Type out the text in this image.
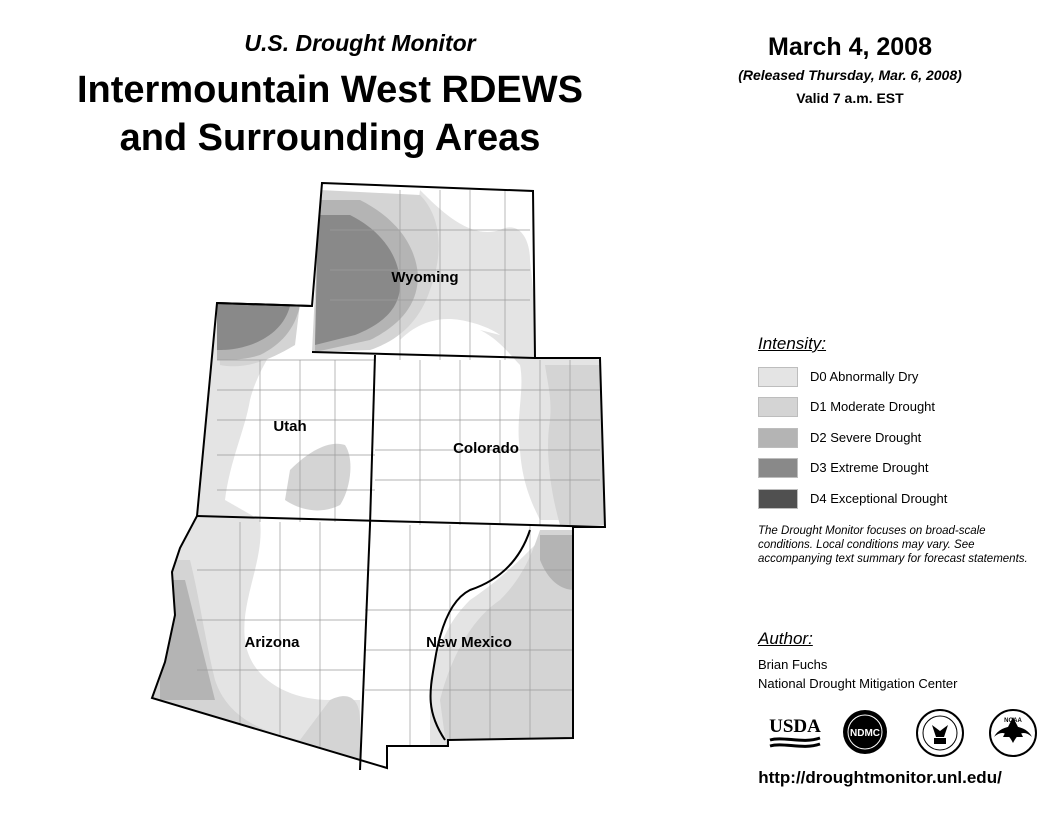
U.S. Drought Monitor
Intermountain West RDEWS
and Surrounding Areas
March 4, 2008
(Released Thursday, Mar. 6, 2008)
Valid 7 a.m. EST
Wyoming
Utah
Colorado
Arizona	New Mexico
Intensity:
D0 Abnormally Dry
D1 Moderate Drought
D2 Severe Drought
D3 Extreme Drought
D4 Exceptional Drought
The Drought Monitor focuses on broad-scale conditions. Local conditions may vary. See accompanying text summary for forecast statements.
Author:
Brian Fuchs
National Drought Mitigation Center
USDA	NDMC
NOAA
http://droughtmonitor.unl.edu/
